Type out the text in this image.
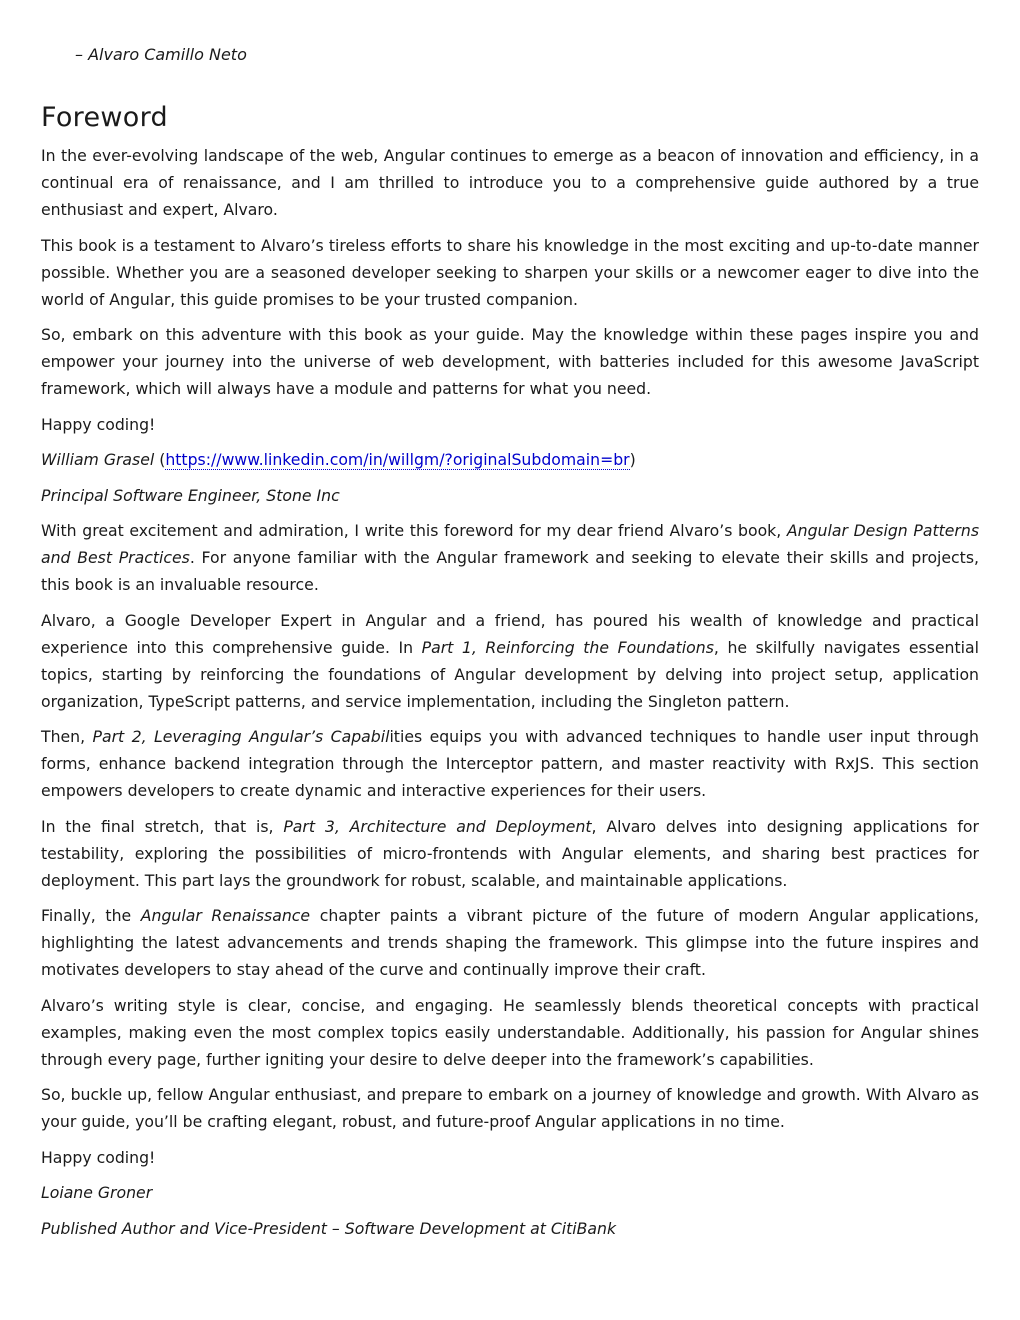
– Alvaro Camillo Neto
Foreword

In the ever-evolving landscape of the web, Angular continues to emerge as a beacon of innovation and efficiency, in a continual era of renaissance, and I am thrilled to introduce you to a comprehensive guide authored by a true enthusiast and expert, Alvaro.

This book is a testament to Alvaro’s tireless efforts to share his knowledge in the most exciting and up-to-date manner possible. Whether you are a seasoned developer seeking to sharpen your skills or a newcomer eager to dive into the world of Angular, this guide promises to be your trusted companion.

So, embark on this adventure with this book as your guide. May the knowledge within these pages inspire you and empower your journey into the universe of web development, with batteries included for this awesome JavaScript framework, which will always have a module and patterns for what you need.

Happy coding!

William Grasel (https://www.linkedin.com/in/willgm/?originalSubdomain=br)

Principal Software Engineer, Stone Inc

With great excitement and admiration, I write this foreword for my dear friend Alvaro’s book, Angular Design Patterns and Best Practices. For anyone familiar with the Angular framework and seeking to elevate their skills and projects, this book is an invaluable resource.

Alvaro, a Google Developer Expert in Angular and a friend, has poured his wealth of knowledge and practical experience into this comprehensive guide. In Part 1, Reinforcing the Foundations, he skilfully navigates essential topics, starting by reinforcing the foundations of Angular development by delving into project setup, application organization, TypeScript patterns, and service implementation, including the Singleton pattern.

Then, Part 2, Leveraging Angular’s Capabilities equips you with advanced techniques to handle user input through forms, enhance backend integration through the Interceptor pattern, and master reactivity with RxJS. This section empowers developers to create dynamic and interactive experiences for their users.

In the final stretch, that is, Part 3, Architecture and Deployment, Alvaro delves into designing applications for testability, exploring the possibilities of micro-frontends with Angular elements, and sharing best practices for deployment. This part lays the groundwork for robust, scalable, and maintainable applications.

Finally, the Angular Renaissance chapter paints a vibrant picture of the future of modern Angular applications, highlighting the latest advancements and trends shaping the framework. This glimpse into the future inspires and motivates developers to stay ahead of the curve and continually improve their craft.

Alvaro’s writing style is clear, concise, and engaging. He seamlessly blends theoretical concepts with practical examples, making even the most complex topics easily understandable. Additionally, his passion for Angular shines through every page, further igniting your desire to delve deeper into the framework’s capabilities.

So, buckle up, fellow Angular enthusiast, and prepare to embark on a journey of knowledge and growth. With Alvaro as your guide, you’ll be crafting elegant, robust, and future-proof Angular applications in no time.

Happy coding!

Loiane Groner

Published Author and Vice-President – Software Development at CitiBank
